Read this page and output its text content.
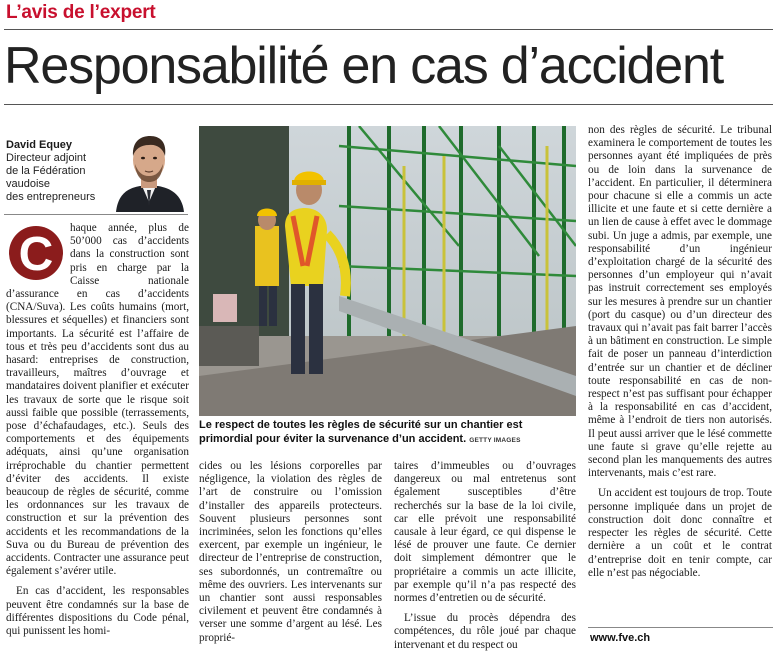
L’avis de l’expert
Responsabilité en cas d’accident
David Equey
Directeur adjoint
de la Fédération
vaudoise
des entrepreneurs
C	haque année, plus de 50’000 cas d’accidents dans la construction sont pris en charge par la Caisse nationale d’assurance en cas d’accidents (CNA/Suva). Les coûts humains (mort, blessures et séquelles) et financiers sont importants. La sécurité est l’affaire de tous et très peu d’accidents sont dus au hasard: entreprises de construction, travailleurs, maîtres d’ouvrage et mandataires doivent planifier et exécuter les travaux de sorte que le risque soit aussi faible que possible (terrassements, pose d’échafaudages, etc.). Seuls des comportements et des équipements adéquats, ainsi qu’une organisation irréprochable du chantier permettent d’éviter des accidents. Il existe beaucoup de règles de sécurité, comme les ordonnances sur les travaux de construction et sur la prévention des accidents et les recommandations de la Suva ou du Bureau de prévention des accidents. Contracter une assurance peut également s’avérer utile.

En cas d’accident, les responsables peuvent être condamnés sur la base de différentes dispositions du Code pénal, qui punissent les homi-

Le respect de toutes les règles de sécurité sur un chantier est primordial pour éviter la survenance d’un accident. GETTY IMAGES

cides ou les lésions corporelles par négligence, la violation des règles de l’art de construire ou l’omission d’installer des appareils protecteurs. Souvent plusieurs personnes sont incriminées, selon les fonctions qu’elles exercent, par exemple un ingénieur, le directeur de l’entreprise de construction, ses subordonnés, un contremaître ou même des ouvriers. Les intervenants sur un chantier sont aussi responsables civilement et peuvent être condamnés à verser une somme d’argent au lésé. Les proprié-

taires d’immeubles ou d’ouvrages dangereux ou mal entretenus sont également susceptibles d’être recherchés sur la base de la loi civile, car elle prévoit une responsabilité causale à leur égard, ce qui dispense le lésé de prouver une faute. Ce dernier doit simplement démontrer que le propriétaire a commis un acte illicite, par exemple qu’il n’a pas respecté des normes d’entretien ou de sécurité.

L’issue du procès dépendra des compétences, du rôle joué par chaque intervenant et du respect ou

non des règles de sécurité. Le tribunal examinera le comportement de toutes les personnes ayant été impliquées de près ou de loin dans la survenance de l’accident. En particulier, il déterminera pour chacune si elle a commis un acte illicite et une faute et si cette dernière a un lien de cause à effet avec le dommage subi. Un juge a admis, par exemple, une responsabilité d’un ingénieur d’exploitation chargé de la sécurité des personnes d’un employeur qui n’avait pas instruit correctement ses employés sur les mesures à prendre sur un chantier (port du casque) ou d’un directeur des travaux qui n’avait pas fait barrer l’accès à un bâtiment en construction. Le simple fait de poser un panneau d’interdiction d’entrée sur un chantier et de décliner toute responsabilité en cas de non-respect n’est pas suffisant pour échapper à la responsabilité en cas d’accident, même à l’endroit de tiers non autorisés. Il peut aussi arriver que le lésé commette une faute si grave qu’elle rejette au second plan les manquements des autres intervenants, mais c’est rare.

Un accident est toujours de trop. Toute personne impliquée dans un projet de construction doit donc connaître et respecter les règles de sécurité. Cette dernière a un coût et le contrat d’entreprise doit en tenir compte, car elle n’est pas négociable.

www.fve.ch
